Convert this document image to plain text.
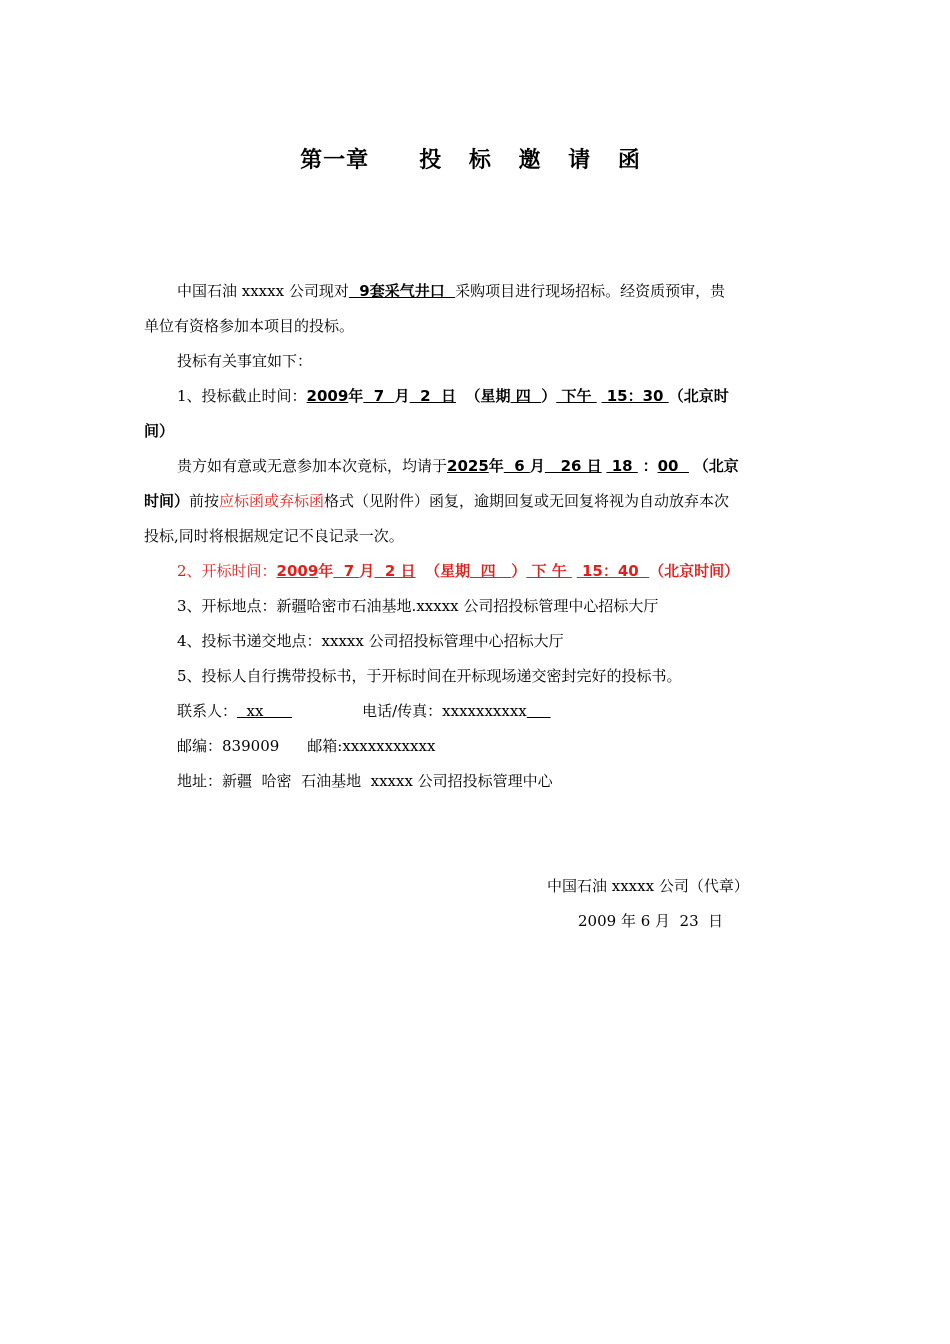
第一章 投 标 邀 请 函
中国石油 xxxxx 公司现对  9套采气井口  采购项目进行现场招标。经资质预审，贵
单位有资格参加本项目的投标。
投标有关事宜如下：
1、投标截止时间：2009年  7  月  2  日 （星期 四  ） 下午   15：30 （北京时
间）
贵方如有意或无意参加本次竟标，均请于2025年  6 月   26 日  18  ：00   （北京
时间）前按应标函或弃标函格式（见附件）函复，逾期回复或无回复将视为自动放弃本次
投标,同时将根据规定记不良记录一次。
2、开标时间：2009年  7 月  2 日 （星期  四   ） 下 午   15：40  （北京时间）
3、开标地点：新疆哈密市石油基地.xxxxx 公司招投标管理中心招标大厅
4、投标书递交地点：xxxxx 公司招投标管理中心招标大厅
5、投标人自行携带投标书，于开标时间在开标现场递交密封完好的投标书。
联系人：  xx	电话/传真：xxxxxxxxxx
邮编：839009 邮箱:xxxxxxxxxxx
地址：新疆  哈密  石油基地  xxxxx 公司招投标管理中心
中国石油 xxxxx 公司（代章）
2009 年 6 月  23  日
